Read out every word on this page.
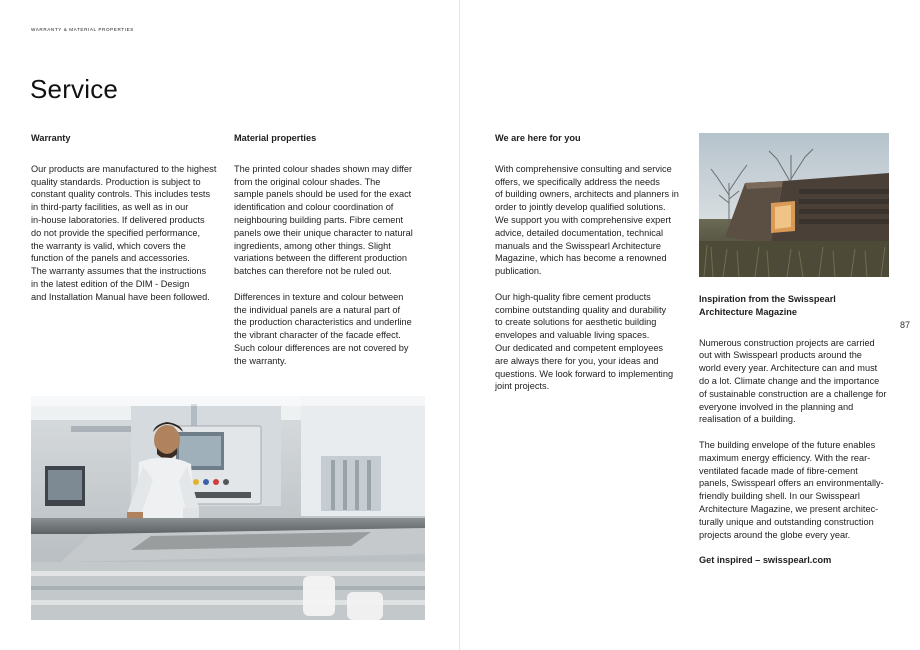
WARRANTY & MATERIAL PROPERTIES
Service
Warranty

Our products are manufactured to the highest
quality standards. Production is subject to
constant quality controls. This includes tests
in third-party facilities, as well as in our
in-house laboratories. If delivered products
do not provide the specified performance,
the warranty is valid, which covers the
function of the panels and accessories.
The warranty assumes that the instructions
in the latest edition of the DIM - Design
and Installation Manual have been followed.

Material properties

The printed colour shades shown may differ
from the original colour shades. The
sample panels should be used for the exact
identification and colour coordination of
neighbouring building parts. Fibre cement
panels owe their unique character to natural
ingredients, among other things. Slight
variations between the different production
batches can therefore not be ruled out.

Differences in texture and colour between
the individual panels are a natural part of
the production characteristics and underline
the vibrant character of the facade effect.
Such colour differences are not covered by
the warranty.

We are here for you

With comprehensive consulting and service
offers, we specifically address the needs
of building owners, architects and planners in
order to jointly develop qualified solutions.
We support you with comprehensive expert
advice, detailed documentation, technical
manuals and the Swisspearl Architecture
Magazine, which has become a renowned
publication.

Our high-quality fibre cement products
combine outstanding quality and durability
to create solutions for aesthetic building
envelopes and valuable living spaces.
Our dedicated and competent employees
are always there for you, your ideas and
questions. We look forward to implementing
joint projects.

Inspiration from the Swisspearl
Architecture Magazine

Numerous construction projects are carried
out with Swisspearl products around the
world every year. Architecture can and must
do a lot. Climate change and the importance
of sustainable construction are a challenge for
everyone involved in the planning and
realisation of a building.

The building envelope of the future enables
maximum energy efficiency. With the rear-
ventilated facade made of fibre-cement
panels, Swisspearl offers an environmentally-
friendly building shell. In our Swisspearl
Architecture Magazine, we present architec-
turally unique and outstanding construction
projects around the globe every year.

Get inspired – swisspearl.com

87
